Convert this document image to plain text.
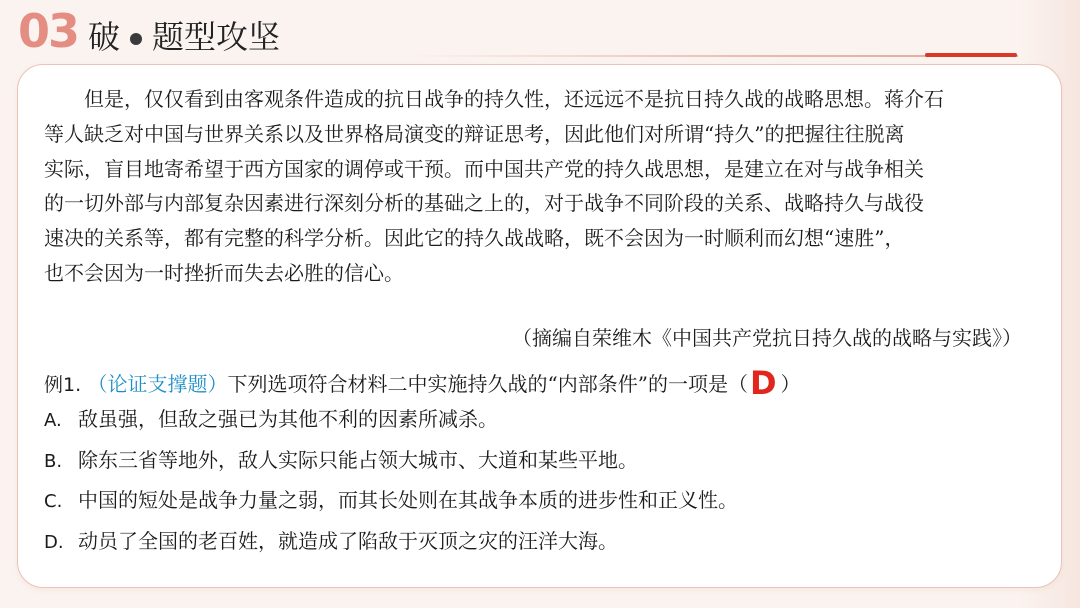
03 破 题型攻坚
　　但是，仅仅看到由客观条件造成的抗日战争的持久性，还远远不是抗日持久战的战略思想。蒋介石
等人缺乏对中国与世界关系以及世界格局演变的辩证思考，因此他们对所谓“持久”的把握往往脱离
实际，盲目地寄希望于西方国家的调停或干预。而中国共产党的持久战思想，是建立在对与战争相关
的一切外部与内部复杂因素进行深刻分析的基础之上的，对于战争不同阶段的关系、战略持久与战役
速决的关系等，都有完整的科学分析。因此它的持久战战略，既不会因为一时顺利而幻想“速胜”，
也不会因为一时挫折而失去必胜的信心。
（摘编自荣维木《中国共产党抗日持久战的战略与实践》）
例1. （论证支撑题）下列选项符合材料二中实施持久战的“内部条件”的一项是（D ）
A. 敌虽强，但敌之强已为其他不利的因素所减杀。
B. 除东三省等地外，敌人实际只能占领大城市、大道和某些平地。
C. 中国的短处是战争力量之弱，而其长处则在其战争本质的进步性和正义性。
D. 动员了全国的老百姓，就造成了陷敌于灭顶之灾的汪洋大海。
